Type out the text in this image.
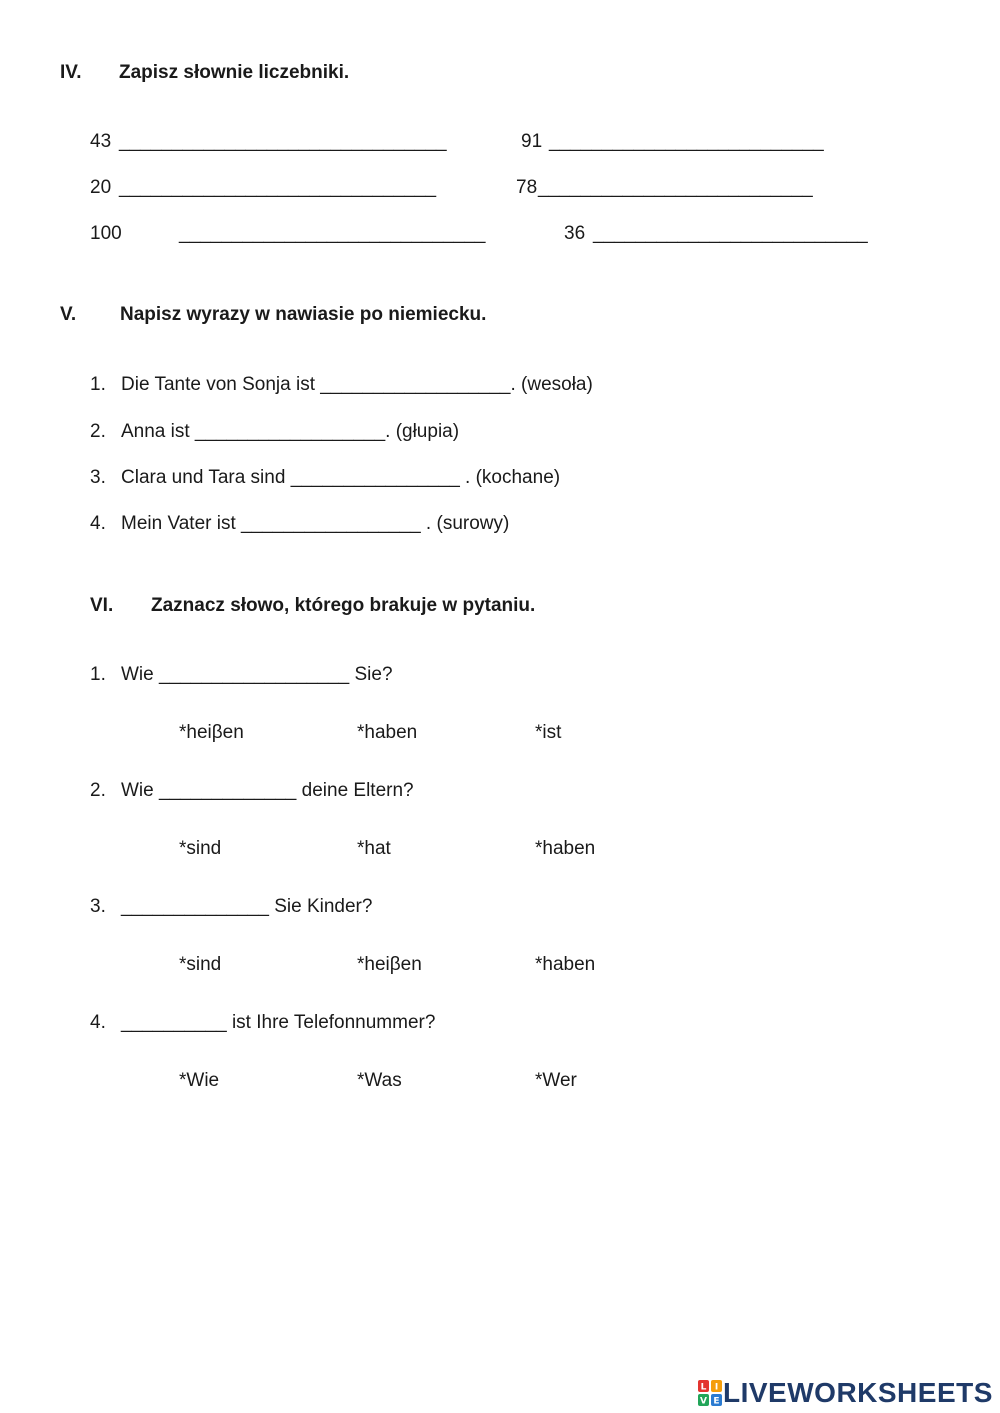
IV. Zapisz słownie liczebniki.
43 _______________________________	91 __________________________
20 ______________________________	78 __________________________
100	_____________________________	36 __________________________
V. Napisz wyrazy w nawiasie po niemiecku.
1. Die Tante von Sonja ist __________________. (wesoła)
2. Anna ist __________________. (głupia)
3. Clara und Tara sind ________________ . (kochane)
4. Mein Vater ist _________________ . (surowy)
VI. Zaznacz słowo, którego brakuje w pytaniu.
1. Wie __________________ Sie?
*heiβen	*haben	*ist
2. Wie _____________ deine Eltern?
*sind	*hat	*haben
3. ______________ Sie Kinder?
*sind	*heiβen	*haben
4. __________ ist Ihre Telefonnummer?
*Wie	*Was	*Wer
L I
V E LIVEWORKSHEETS
